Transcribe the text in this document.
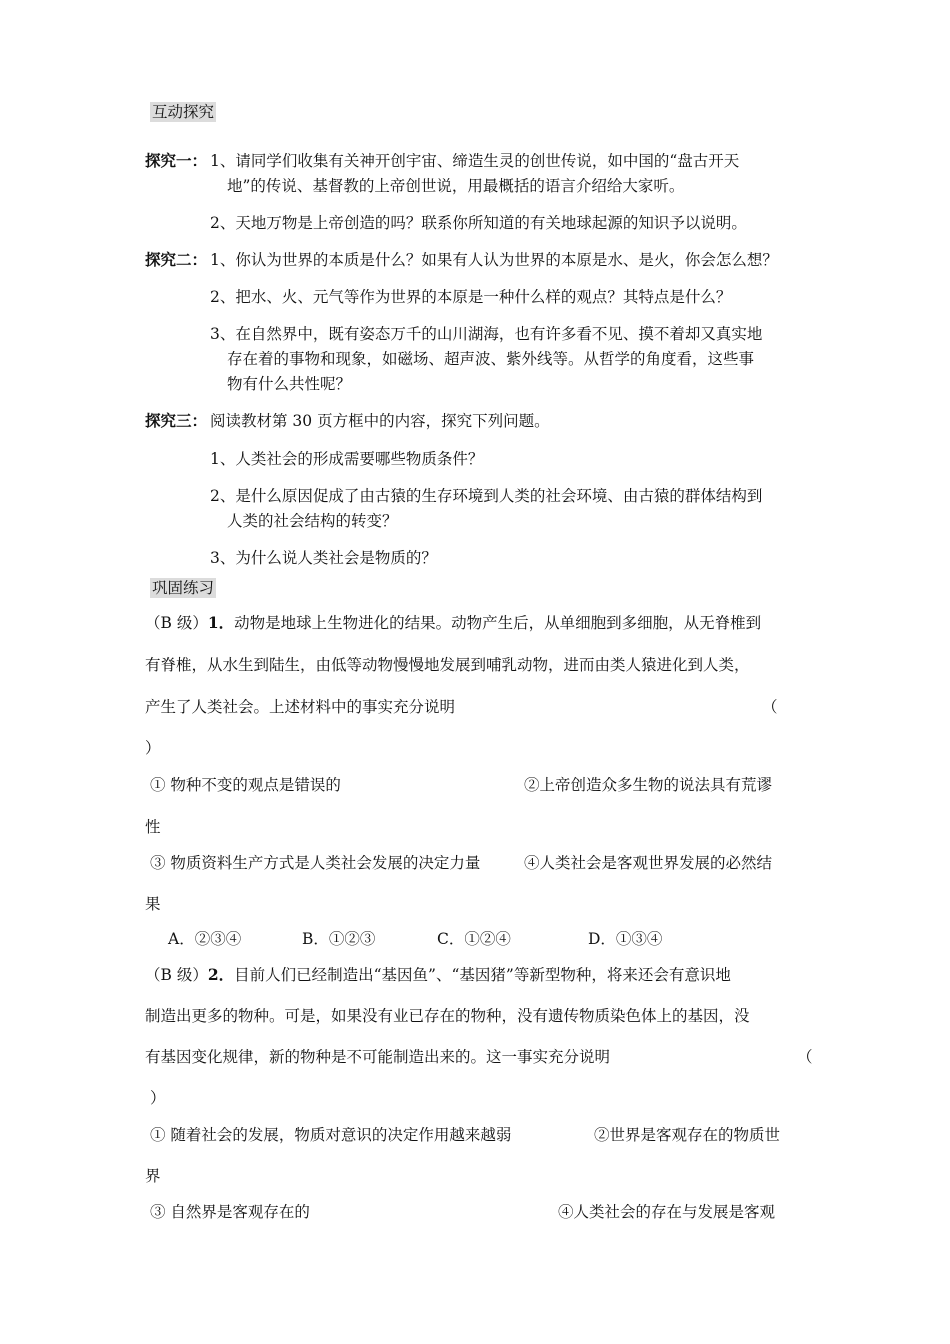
互动探究
探究一： 1、请同学们收集有关神开创宇宙、缔造生灵的创世传说，如中国的“盘古开天
地”的传说、基督教的上帝创世说，用最概括的语言介绍给大家听。
2、天地万物是上帝创造的吗？联系你所知道的有关地球起源的知识予以说明。
探究二： 1、你认为世界的本质是什么？如果有人认为世界的本原是水、是火，你会怎么想？
2、把水、火、元气等作为世界的本原是一种什么样的观点？其特点是什么？
3、在自然界中，既有姿态万千的山川湖海，也有许多看不见、摸不着却又真实地
存在着的事物和现象，如磁场、超声波、紫外线等。从哲学的角度看，这些事
物有什么共性呢？
探究三： 阅读教材第 30 页方框中的内容，探究下列问题。
1、人类社会的形成需要哪些物质条件？
2、是什么原因促成了由古猿的生存环境到人类的社会环境、由古猿的群体结构到
人类的社会结构的转变？
3、为什么说人类社会是物质的？
巩固练习
（B 级）1．动物是地球上生物进化的结果。动物产生后，从单细胞到多细胞，从无脊椎到
有脊椎，从水生到陆生，由低等动物慢慢地发展到哺乳动物，进而由类人猿进化到人类，
产生了人类社会。上述材料中的事实充分说明	（
）
① 物种不变的观点是错误的	②上帝创造众多生物的说法具有荒谬
性
③ 物质资料生产方式是人类社会发展的决定力量	④人类社会是客观世界发展的必然结
果
A．②③④	B．①②③	C．①②④	D．①③④
（B 级）2．目前人们已经制造出“基因鱼”、“基因猪”等新型物种，将来还会有意识地
制造出更多的物种。可是，如果没有业已存在的物种，没有遗传物质染色体上的基因，没
有基因变化规律，新的物种是不可能制造出来的。这一事实充分说明	（
）
① 随着社会的发展，物质对意识的决定作用越来越弱	②世界是客观存在的物质世
界
③ 自然界是客观存在的	④人类社会的存在与发展是客观
